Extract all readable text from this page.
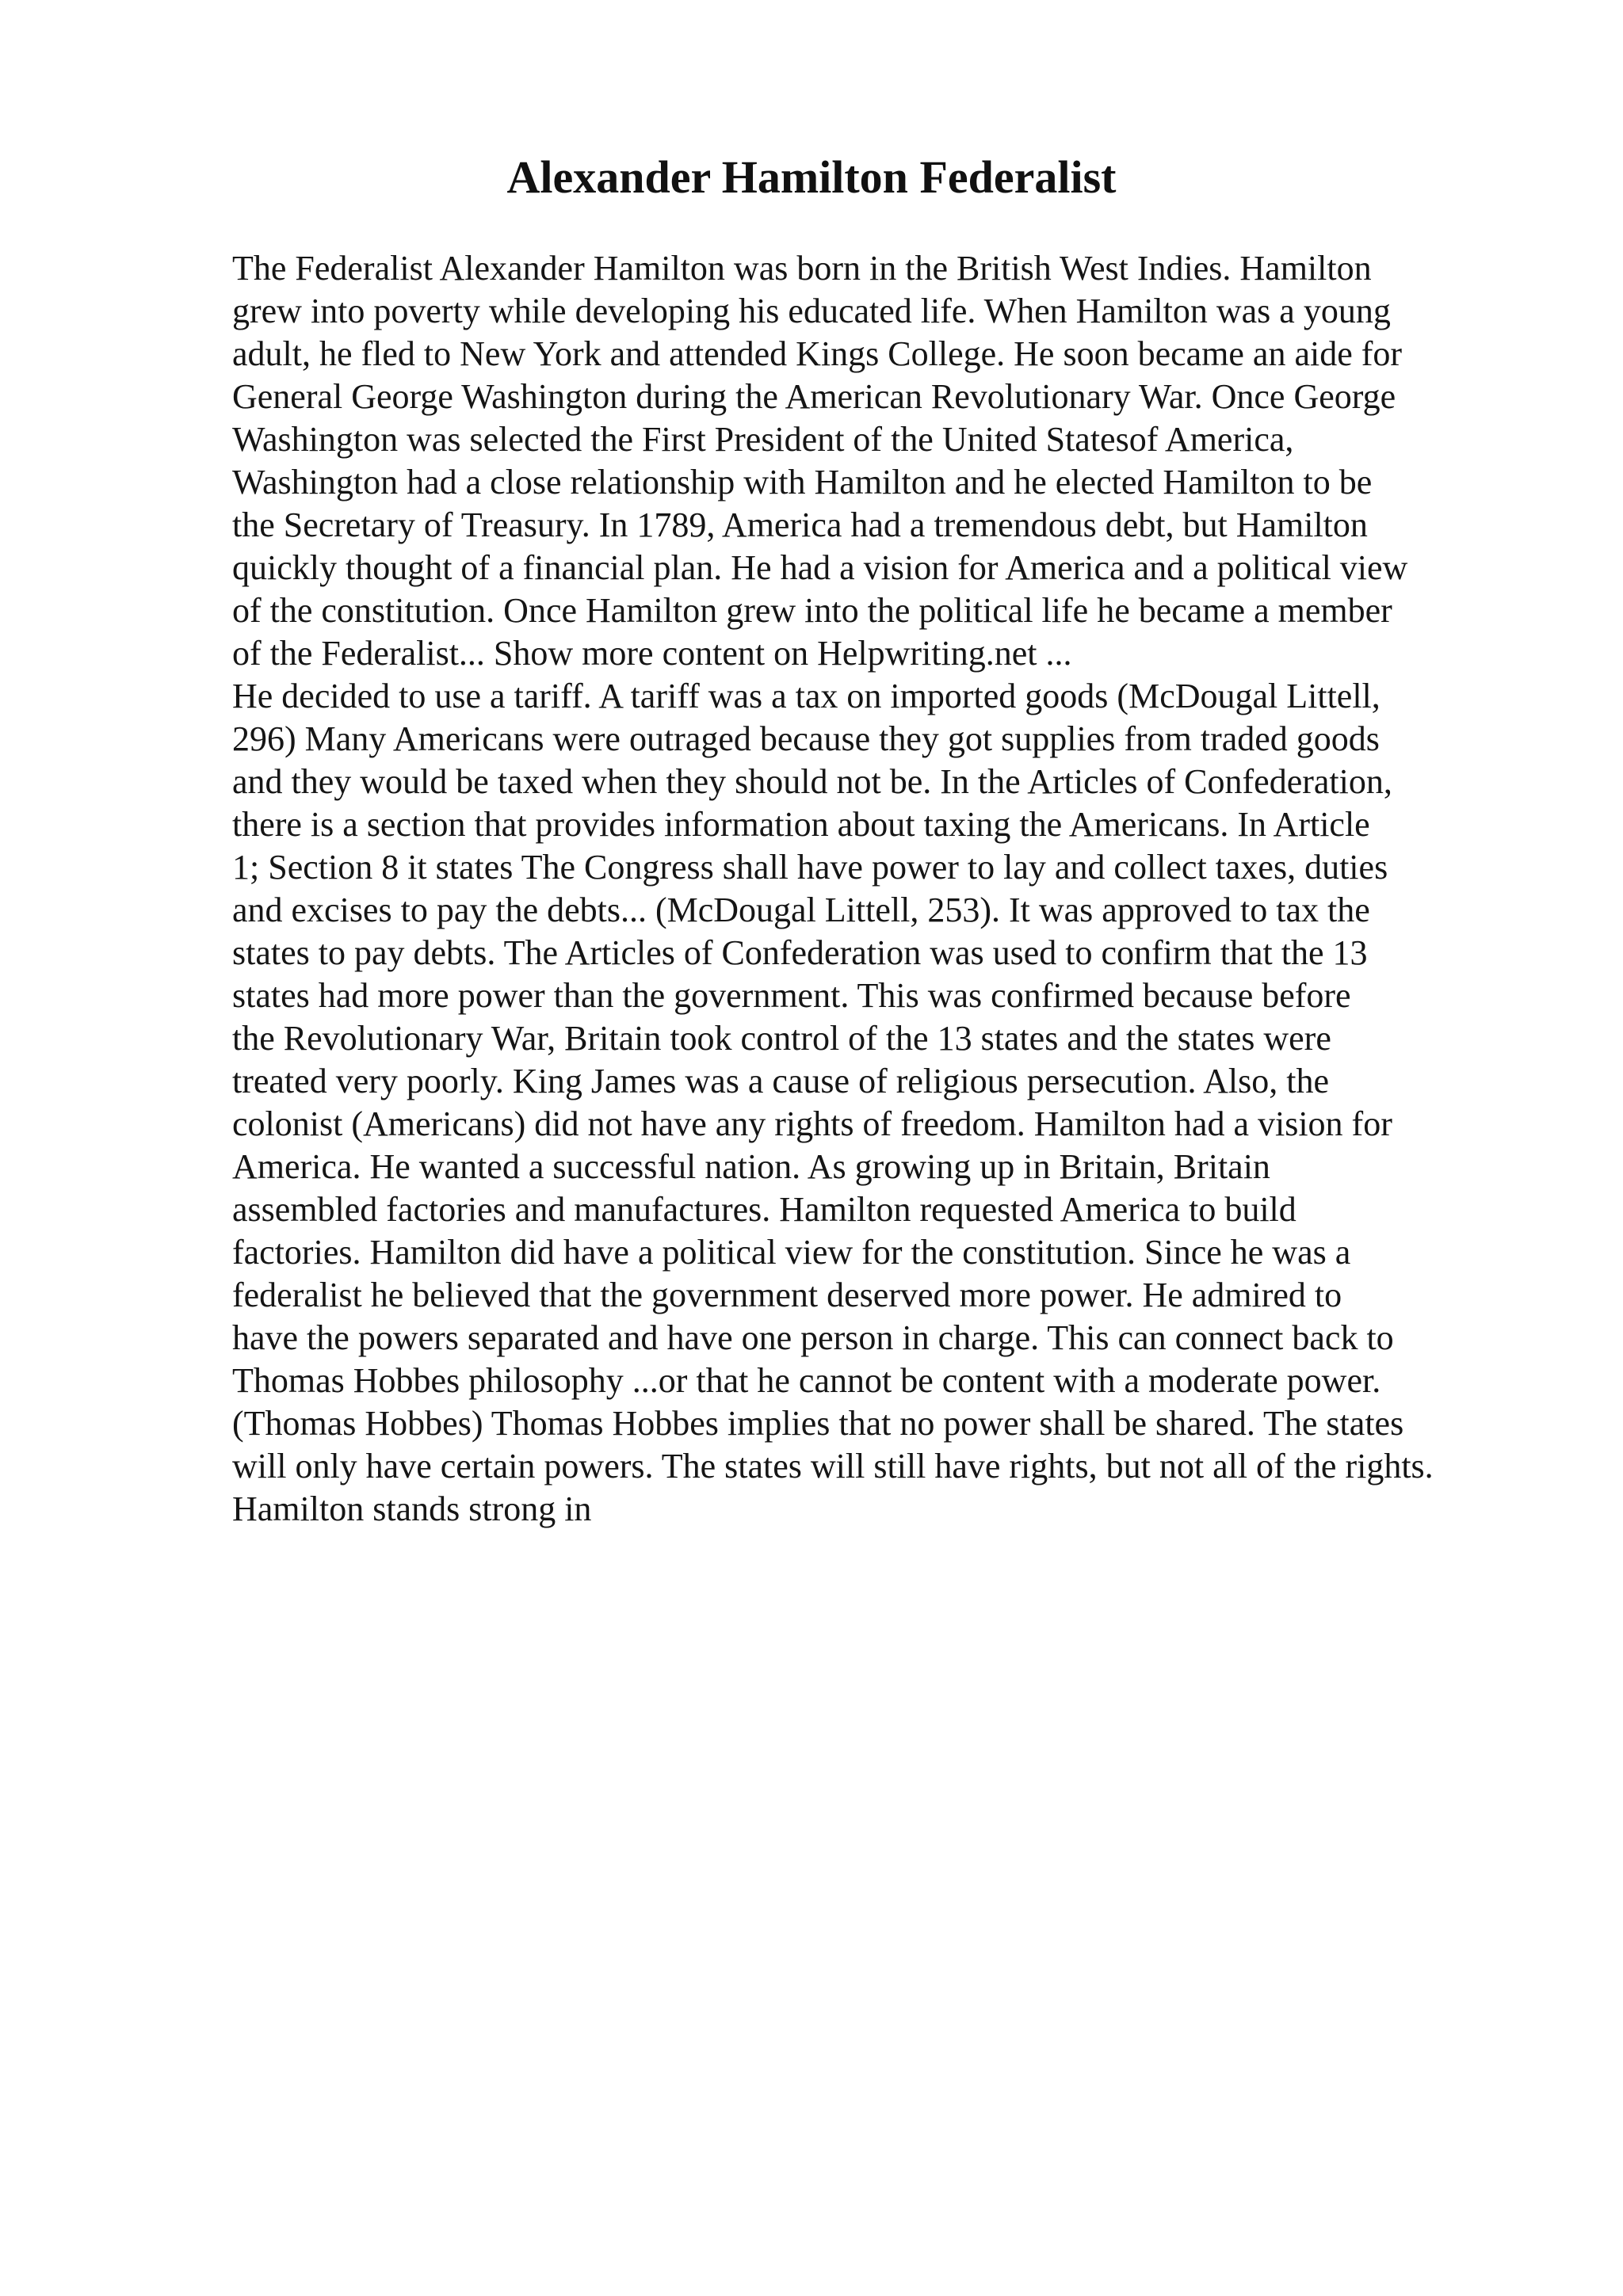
Alexander Hamilton Federalist
The Federalist Alexander Hamilton was born in the British West Indies. Hamilton
grew into poverty while developing his educated life. When Hamilton was a young
adult, he fled to New York and attended Kings College. He soon became an aide for
General George Washington during the American Revolutionary War. Once George
Washington was selected the First President of the United Statesof America,
Washington had a close relationship with Hamilton and he elected Hamilton to be
the Secretary of Treasury. In 1789, America had a tremendous debt, but Hamilton
quickly thought of a financial plan. He had a vision for America and a political view
of the constitution. Once Hamilton grew into the political life he became a member
of the Federalist... Show more content on Helpwriting.net ...
He decided to use a tariff. A tariff was a tax on imported goods (McDougal Littell,
296) Many Americans were outraged because they got supplies from traded goods
and they would be taxed when they should not be. In the Articles of Confederation,
there is a section that provides information about taxing the Americans. In Article
1; Section 8 it states The Congress shall have power to lay and collect taxes, duties
and excises to pay the debts... (McDougal Littell, 253). It was approved to tax the
states to pay debts. The Articles of Confederation was used to confirm that the 13
states had more power than the government. This was confirmed because before
the Revolutionary War, Britain took control of the 13 states and the states were
treated very poorly. King James was a cause of religious persecution. Also, the
colonist (Americans) did not have any rights of freedom. Hamilton had a vision for
America. He wanted a successful nation. As growing up in Britain, Britain
assembled factories and manufactures. Hamilton requested America to build
factories. Hamilton did have a political view for the constitution. Since he was a
federalist he believed that the government deserved more power. He admired to
have the powers separated and have one person in charge. This can connect back to
Thomas Hobbes philosophy ...or that he cannot be content with a moderate power.
(Thomas Hobbes) Thomas Hobbes implies that no power shall be shared. The states
will only have certain powers. The states will still have rights, but not all of the rights.
Hamilton stands strong in
